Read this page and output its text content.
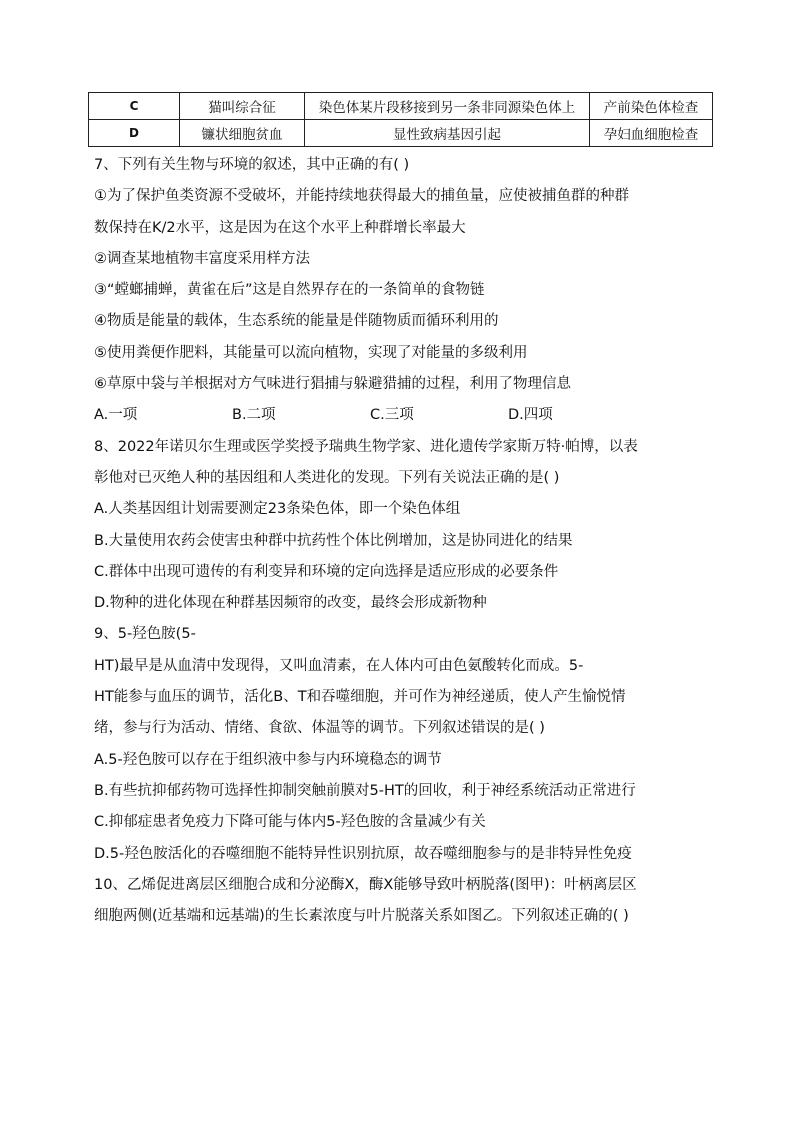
C	猫叫综合征	染色体某片段移接到另一条非同源染色体上	产前染色体检查
D	镰状细胞贫血	显性致病基因引起	孕妇血细胞检查
7、下列有关生物与环境的叙述，其中正确的有( )
①为了保护鱼类资源不受破坏，并能持续地获得最大的捕鱼量，应使被捕鱼群的种群
数保持在K/2水平，这是因为在这个水平上种群增长率最大
②调查某地植物丰富度采用样方法
③“螳螂捕蝉，黄雀在后”这是自然界存在的一条简单的食物链
④物质是能量的载体，生态系统的能量是伴随物质而循环利用的
⑤使用粪便作肥料，其能量可以流向植物，实现了对能量的多级利用
⑥草原中袋与羊根据对方气味进行猖捕与躲避猎捕的过程，利用了物理信息
A.一项	B.二项	C.三项	D.四项
8、2022年诺贝尔生理或医学奖授予瑞典生物学家、进化遗传学家斯万特·帕博，以表
彰他对已灭绝人种的基因组和人类进化的发现。下列有关说法正确的是( )
A.人类基因组计划需要测定23条染色体，即一个染色体组
B.大量使用农药会使害虫种群中抗药性个体比例增加，这是协同进化的结果
C.群体中出现可遗传的有利变异和环境的定向选择是适应形成的必要条件
D.物种的进化体现在种群基因频帘的改变，最终会形成新物种
9、5-羟色胺(5-
HT)最早是从血清中发现得，又叫血清素，在人体内可由色氨酸转化而成。5-
HT能参与血压的调节，活化B、T和吞噬细胞，并可作为神经递质，使人产生愉悦情
绪，参与行为活动、情绪、食欲、体温等的调节。下列叙述错误的是( )
A.5-羟色胺可以存在于组织液中参与内环境稳态的调节
B.有些抗抑郁药物可选择性抑制突触前膜对5-HT的回收，利于神经系统活动正常进行
C.抑郁症患者免疫力下降可能与体内5-羟色胺的含量减少有关
D.5-羟色胺活化的吞噬细胞不能特异性识别抗原，故吞噬细胞参与的是非特异性免疫
10、乙烯促进离层区细胞合成和分泌酶X，酶X能够导致叶柄脱落(图甲)：叶柄离层区
细胞两侧(近基端和远基端)的生长素浓度与叶片脱落关系如图乙。下列叙述正确的( )
